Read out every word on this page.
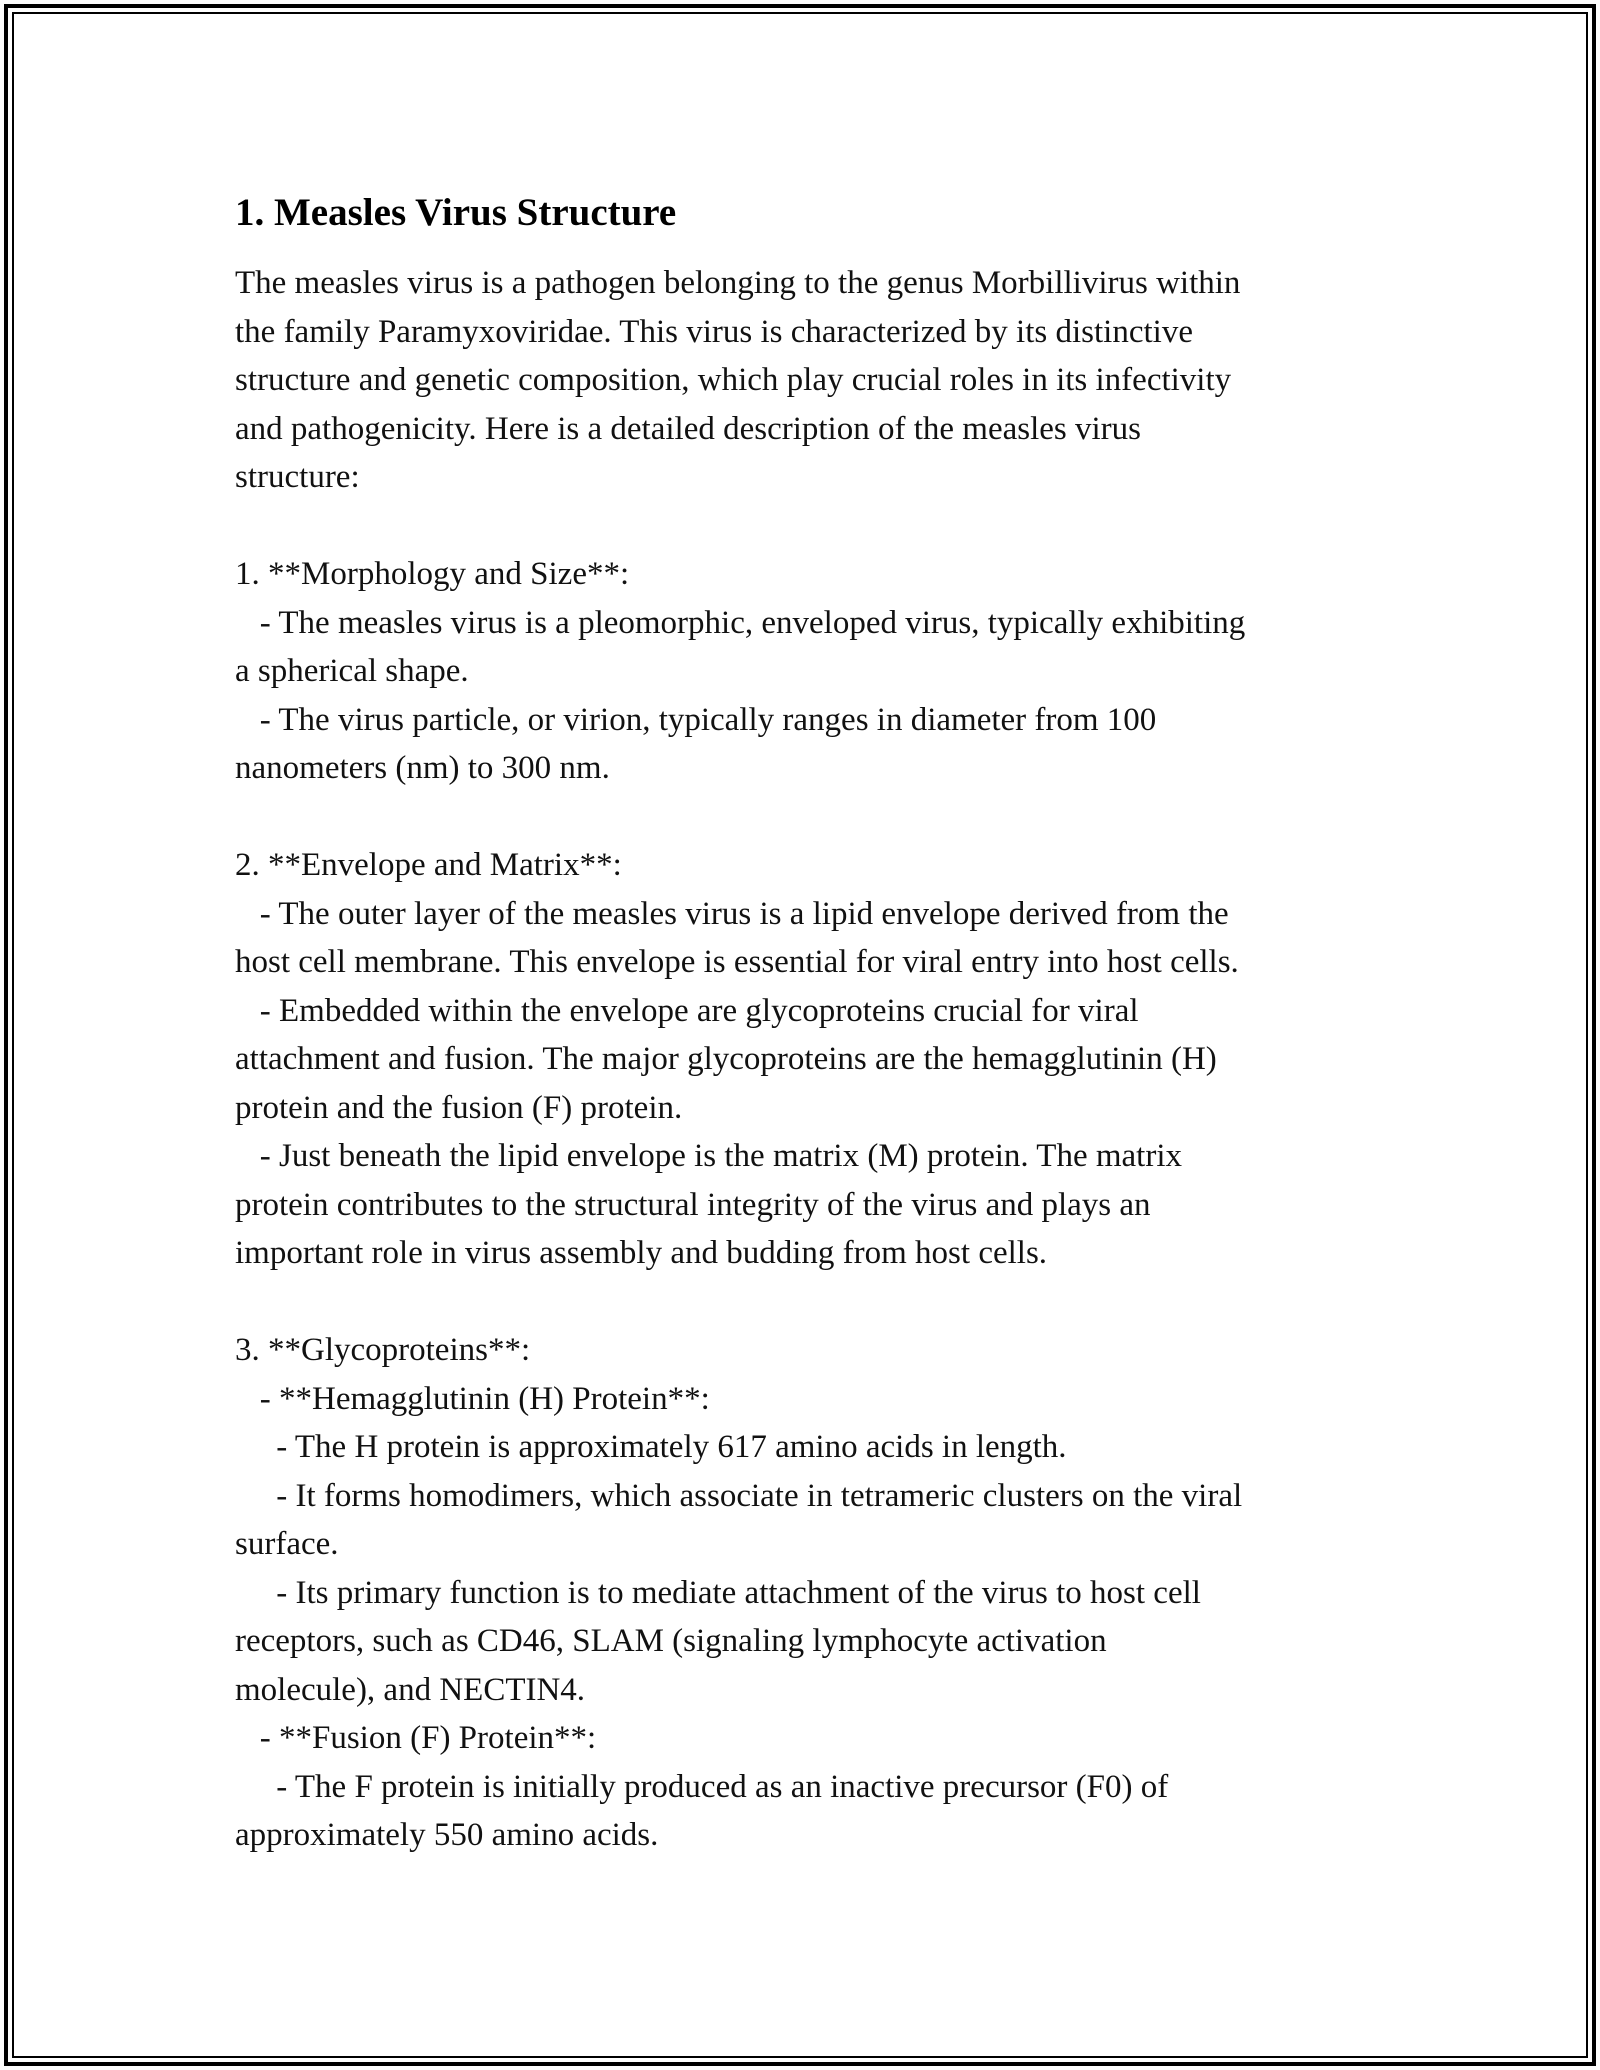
1. Measles Virus Structure
The measles virus is a pathogen belonging to the genus Morbillivirus within
the family Paramyxoviridae. This virus is characterized by its distinctive
structure and genetic composition, which play crucial roles in its infectivity
and pathogenicity. Here is a detailed description of the measles virus
structure:

1. **Morphology and Size**:
- The measles virus is a pleomorphic, enveloped virus, typically exhibiting
a spherical shape.
- The virus particle, or virion, typically ranges in diameter from 100
nanometers (nm) to 300 nm.

2. **Envelope and Matrix**:
- The outer layer of the measles virus is a lipid envelope derived from the
host cell membrane. This envelope is essential for viral entry into host cells.
- Embedded within the envelope are glycoproteins crucial for viral
attachment and fusion. The major glycoproteins are the hemagglutinin (H)
protein and the fusion (F) protein.
- Just beneath the lipid envelope is the matrix (M) protein. The matrix
protein contributes to the structural integrity of the virus and plays an
important role in virus assembly and budding from host cells.

3. **Glycoproteins**:
- **Hemagglutinin (H) Protein**:
- The H protein is approximately 617 amino acids in length.
- It forms homodimers, which associate in tetrameric clusters on the viral
surface.
- Its primary function is to mediate attachment of the virus to host cell
receptors, such as CD46, SLAM (signaling lymphocyte activation
molecule), and NECTIN4.
- **Fusion (F) Protein**:
- The F protein is initially produced as an inactive precursor (F0) of
approximately 550 amino acids.
